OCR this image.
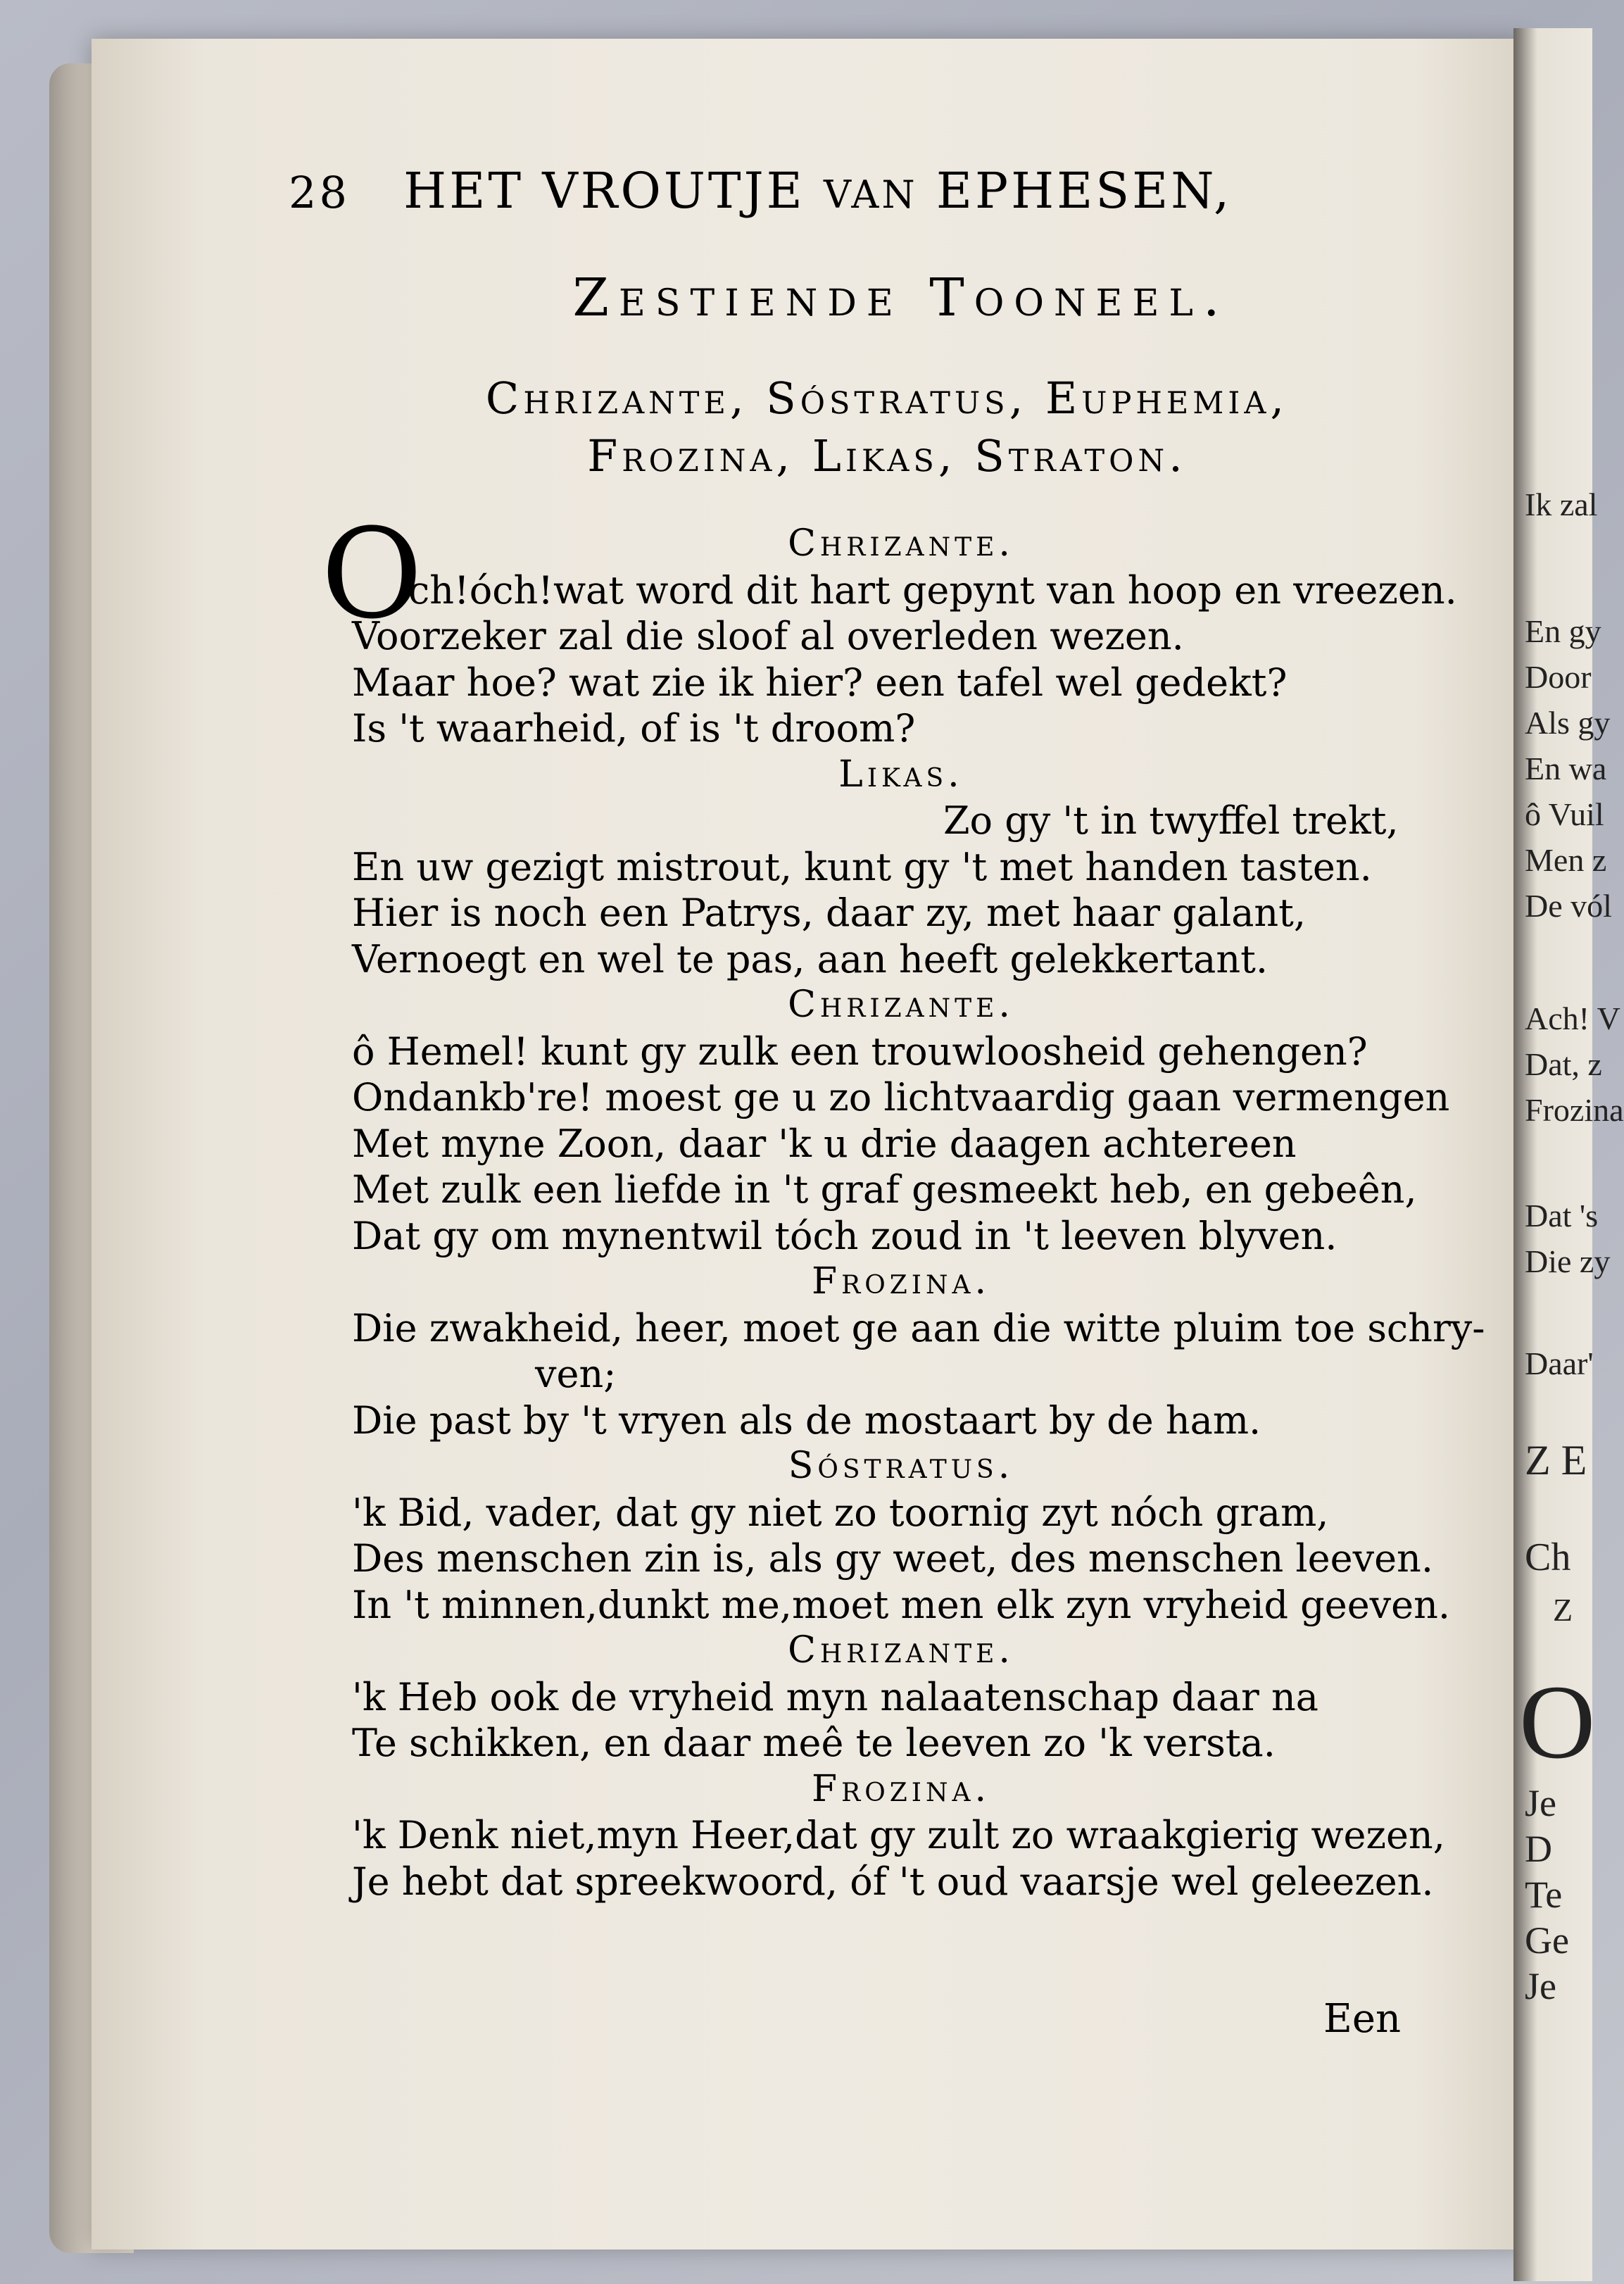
28 HET VROUTJE VAN EPHESEN,
Zestiende Tooneel.
Chrizante, Sóstratus, Euphemia,
Frozina, Likas, Straton.
O	Chrizante.
ch!óch!wat word dit hart gepynt van hoop en vreezen.
Voorzeker zal die sloof al overleden wezen.
Maar hoe? wat zie ik hier? een tafel wel gedekt?
Is 't waarheid, of is 't droom?
Likas.
Zo gy 't in twyffel trekt,
En uw gezigt mistrout, kunt gy 't met handen tasten.
Hier is noch een Patrys, daar zy, met haar galant,
Vernoegt en wel te pas, aan heeft gelekkertant.
Chrizante.
ô Hemel! kunt gy zulk een trouwloosheid gehengen?
Ondankb're! moest ge u zo lichtvaardig gaan vermengen
Met myne Zoon, daar 'k u drie daagen achtereen
Met zulk een liefde in 't graf gesmeekt heb, en gebeên,
Dat gy om mynentwil tóch zoud in 't leeven blyven.
Frozina.
Die zwakheid, heer, moet ge aan die witte pluim toe schry-
ven;
Die past by 't vryen als de mostaart by de ham.
Sóstratus.
'k Bid, vader, dat gy niet zo toornig zyt nóch gram,
Des menschen zin is, als gy weet, des menschen leeven.
In 't minnen,dunkt me,moet men elk zyn vryheid geeven.
Chrizante.
'k Heb ook de vryheid myn nalaatenschap daar na
Te schikken, en daar meê te leeven zo 'k versta.
Frozina.
'k Denk niet,myn Heer,dat gy zult zo wraakgierig wezen,
Je hebt dat spreekwoord, óf 't oud vaarsje wel geleezen.
Een
Ik zal
En gy
Door
Als gy
En wa
ô Vuil
Men z
De vól
Ach! V
Dat, z
Frozina
Dat 's
Die zy
Daar'
Z E
Ch
Z
O
Je
D
Te
Ge
Je
